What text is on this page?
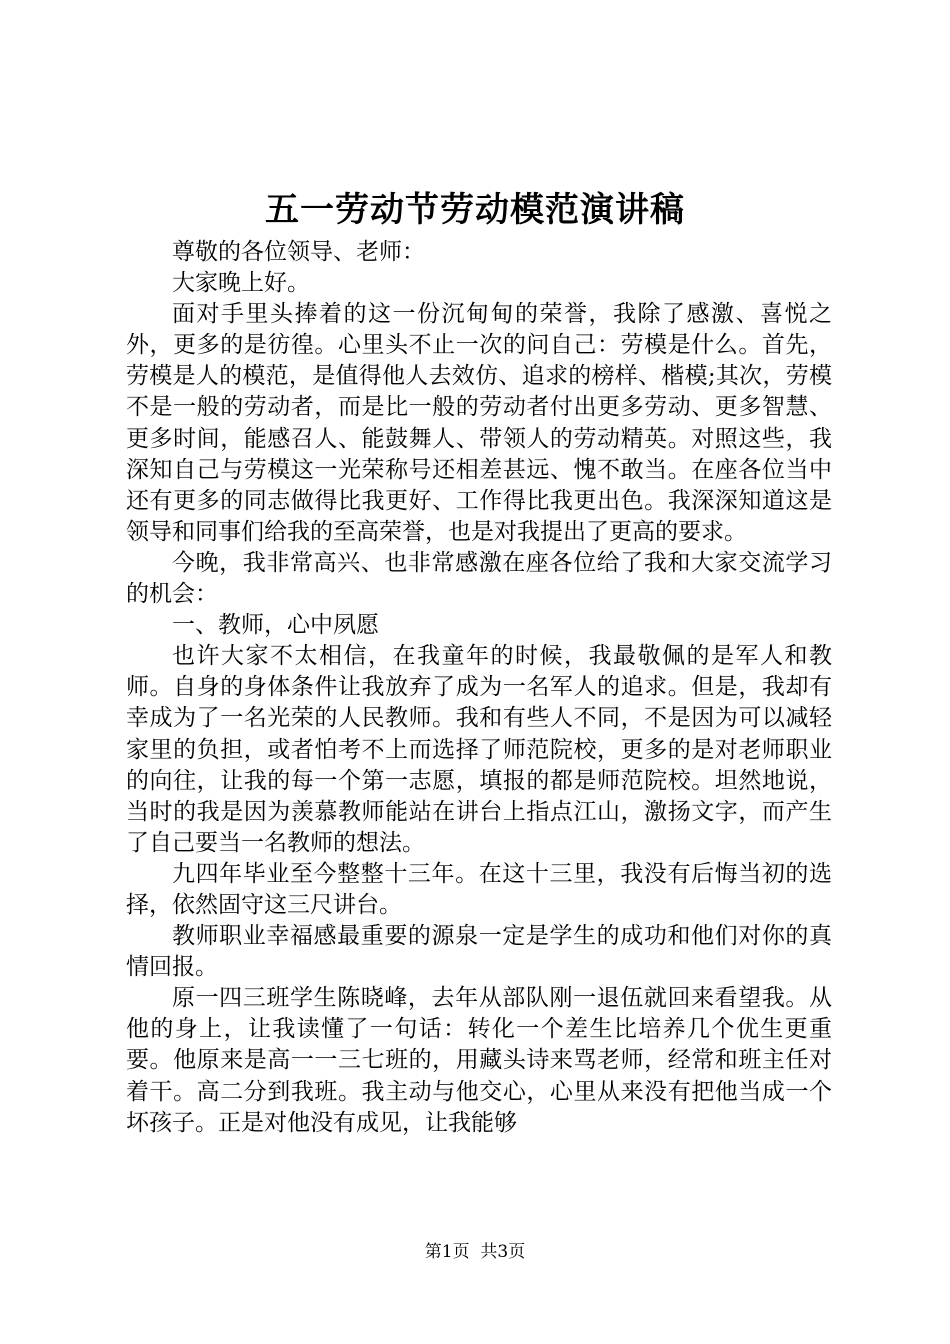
五一劳动节劳动模范演讲稿

尊敬的各位领导、老师：

大家晚上好。

面对手里头捧着的这一份沉甸甸的荣誉，我除了感激、喜悦之外，更多的是彷徨。心里头不止一次的问自己：劳模是什么。首先，劳模是人的模范，是值得他人去效仿、追求的榜样、楷模;其次，劳模不是一般的劳动者，而是比一般的劳动者付出更多劳动、更多智慧、更多时间，能感召人、能鼓舞人、带领人的劳动精英。对照这些，我深知自己与劳模这一光荣称号还相差甚远、愧不敢当。在座各位当中还有更多的同志做得比我更好、工作得比我更出色。我深深知道这是领导和同事们给我的至高荣誉，也是对我提出了更高的要求。

今晚，我非常高兴、也非常感激在座各位给了我和大家交流学习的机会：

一、教师，心中夙愿

也许大家不太相信，在我童年的时候，我最敬佩的是军人和教师。自身的身体条件让我放弃了成为一名军人的追求。但是，我却有幸成为了一名光荣的人民教师。我和有些人不同，不是因为可以减轻家里的负担，或者怕考不上而选择了师范院校，更多的是对老师职业的向往，让我的每一个第一志愿，填报的都是师范院校。坦然地说，当时的我是因为羡慕教师能站在讲台上指点江山，激扬文字，而产生了自己要当一名教师的想法。

九四年毕业至今整整十三年。在这十三里，我没有后悔当初的选择，依然固守这三尺讲台。

教师职业幸福感最重要的源泉一定是学生的成功和他们对你的真情回报。

原一四三班学生陈晓峰，去年从部队刚一退伍就回来看望我。从他的身上，让我读懂了一句话：转化一个差生比培养几个优生更重要。他原来是高一一三七班的，用藏头诗来骂老师，经常和班主任对着干。高二分到我班。我主动与他交心，心里从来没有把他当成一个坏孩子。正是对他没有成见，让我能够

第1页  共3页
